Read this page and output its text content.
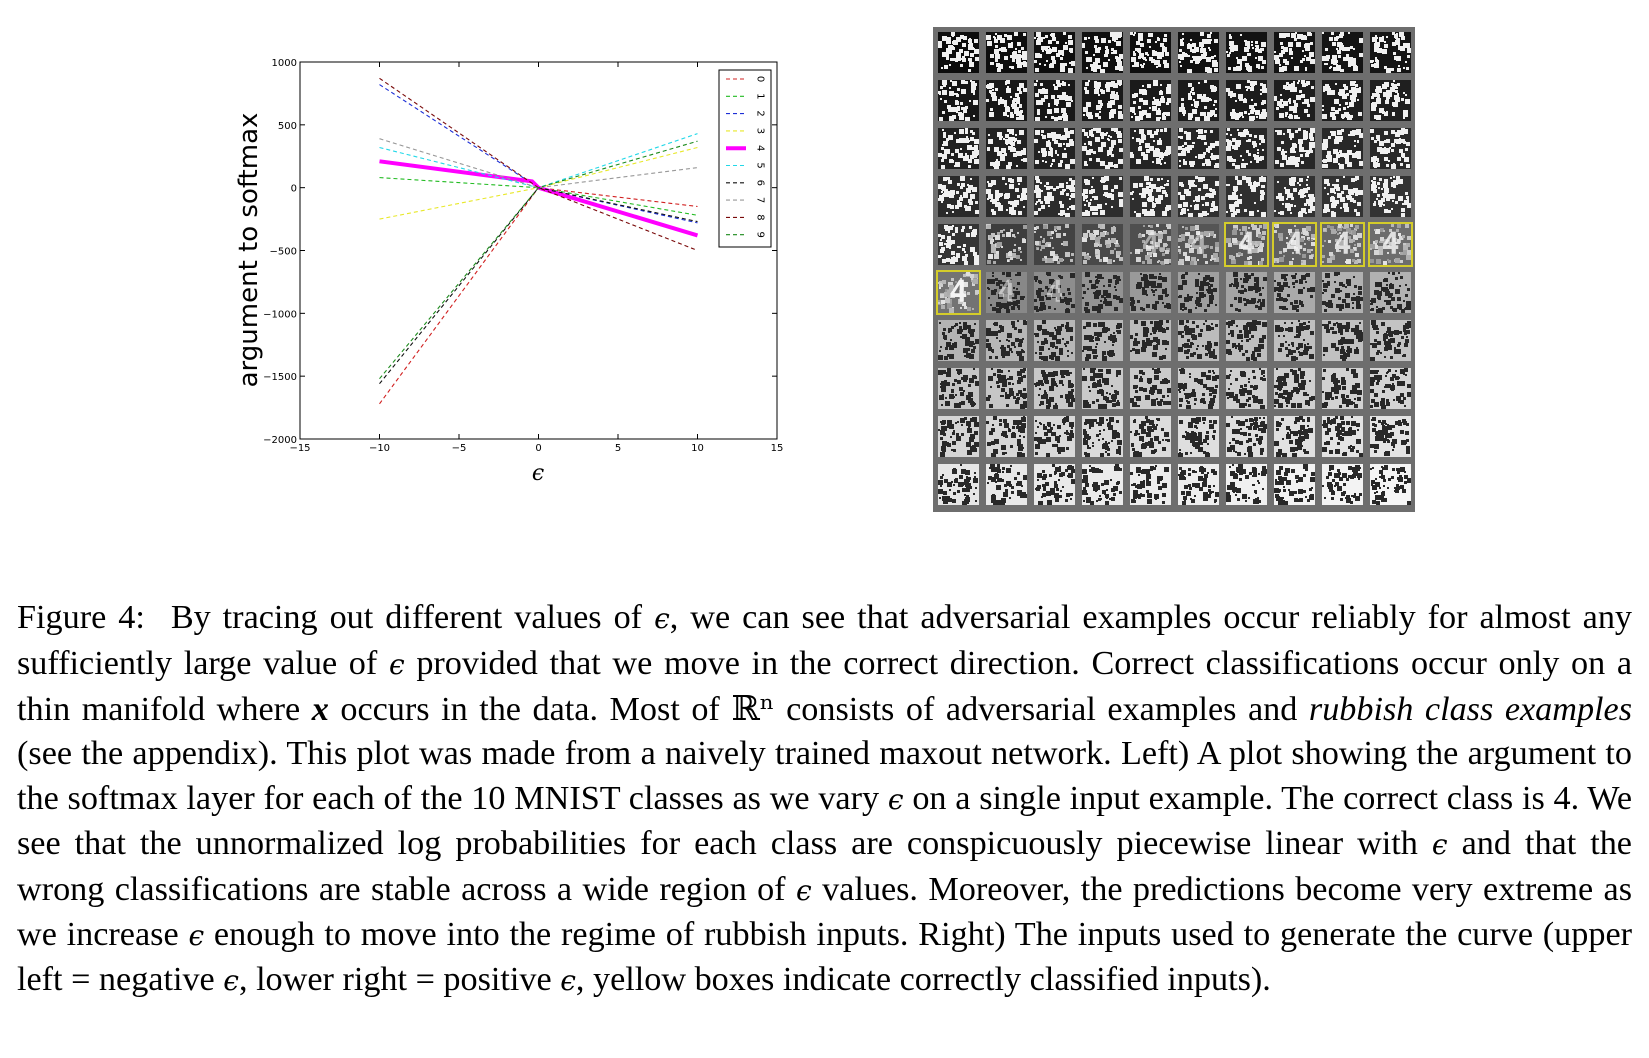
1000
500
0
−500
−1000
−1500
−2000
−15	−10	−5	0	5	10	15
0
1
2
3
4
5
6
7
8
9
argument to softmax
ϵ
4 4 4 4 4 4
4 4 4

Figure 4: By tracing out different values of ϵ, we can see that adversarial examples occur reliably for almost any sufficiently large value of ϵ provided that we move in the correct direction. Correct classifications occur only on a thin manifold where x occurs in the data. Most of ℝⁿ consists of adversarial examples and rubbish class examples (see the appendix). This plot was made from a naively trained maxout network. Left) A plot showing the argument to the softmax layer for each of the 10 MNIST classes as we vary ϵ on a single input example. The correct class is 4. We see that the unnormalized log probabilities for each class are conspicuously piecewise linear with ϵ and that the wrong classifications are stable across a wide region of ϵ values. Moreover, the predictions become very extreme as we increase ϵ enough to move into the regime of rubbish inputs. Right) The inputs used to generate the curve (upper left = negative ϵ, lower right = positive ϵ, yellow boxes indicate correctly classified inputs).
